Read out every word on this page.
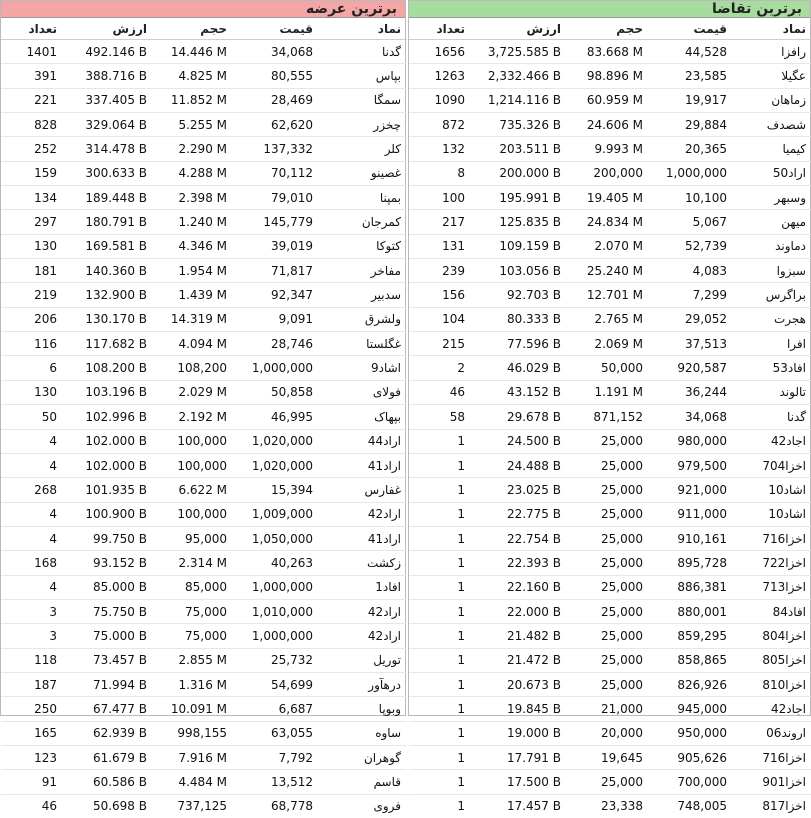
برترین عرضه
تعداد	ارزش	حجم	قیمت	نماد
1401	492.146 B	14.446 M	34,068	گدنا
391	388.716 B	4.825 M	80,555	بپاس
221	337.405 B	11.852 M	28,469	سمگا
828	329.064 B	5.255 M	62,620	چخزر
252	314.478 B	2.290 M	137,332	کلر
159	300.633 B	4.288 M	70,112	غصینو
134	189.448 B	2.398 M	79,010	بمپنا
297	180.791 B	1.240 M	145,779	کمرجان
130	169.581 B	4.346 M	39,019	کتوکا
181	140.360 B	1.954 M	71,817	مفاخر
219	132.900 B	1.439 M	92,347	سدبیر
206	130.170 B	14.319 M	9,091	ولشرق
116	117.682 B	4.094 M	28,746	غگلستا
6	108.200 B	108,200	1,000,000	اشاد9
130	103.196 B	2.029 M	50,858	فولای
50	102.996 B	2.192 M	46,995	بپهاک
4	102.000 B	100,000	1,020,000	اراد44
4	102.000 B	100,000	1,020,000	اراد41
268	101.935 B	6.622 M	15,394	غفارس
4	100.900 B	100,000	1,009,000	اراد42
4	99.750 B	95,000	1,050,000	اراد41
168	93.152 B	2.314 M	40,263	زکشت
4	85.000 B	85,000	1,000,000	افاد1
3	75.750 B	75,000	1,010,000	اراد42
3	75.000 B	75,000	1,000,000	اراد42
118	73.457 B	2.855 M	25,732	توریل
187	71.994 B	1.316 M	54,699	درهآور
250	67.477 B	10.091 M	6,687	وبوپا
165	62.939 B	998,155	63,055	ساوه
123	61.679 B	7.916 M	7,792	گوهران
91	60.586 B	4.484 M	13,512	قاسم
46	50.698 B	737,125	68,778	فروی
برترین تقاضا
تعداد	ارزش	حجم	قیمت	نماد
1656	3,725.585 B	83.668 M	44,528	رافزا
1263	2,332.466 B	98.896 M	23,585	عگیلا
1090	1,214.116 B	60.959 M	19,917	زماهان
872	735.326 B	24.606 M	29,884	شصدف
132	203.511 B	9.993 M	20,365	کیمیا
8	200.000 B	200,000	1,000,000	اراد50
100	195.991 B	19.405 M	10,100	وسبهر
217	125.835 B	24.834 M	5,067	میهن
131	109.159 B	2.070 M	52,739	دماوند
239	103.056 B	25.240 M	4,083	سبزوا
156	92.703 B	12.701 M	7,299	براگرس
104	80.333 B	2.765 M	29,052	هجرت
215	77.596 B	2.069 M	37,513	افرا
2	46.029 B	50,000	920,587	افاد53
46	43.152 B	1.191 M	36,244	تالوند
58	29.678 B	871,152	34,068	گدنا
1	24.500 B	25,000	980,000	اجاد42
1	24.488 B	25,000	979,500	اخزا704
1	23.025 B	25,000	921,000	اشاد10
1	22.775 B	25,000	911,000	اشاد10
1	22.754 B	25,000	910,161	اخزا716
1	22.393 B	25,000	895,728	اخزا722
1	22.160 B	25,000	886,381	اخزا713
1	22.000 B	25,000	880,001	افاد84
1	21.482 B	25,000	859,295	اخزا804
1	21.472 B	25,000	858,865	اخزا805
1	20.673 B	25,000	826,926	اخزا810
1	19.845 B	21,000	945,000	اجاد42
1	19.000 B	20,000	950,000	اروند06
1	17.791 B	19,645	905,626	اخزا716
1	17.500 B	25,000	700,000	اخزا901
1	17.457 B	23,338	748,005	اخزا817
